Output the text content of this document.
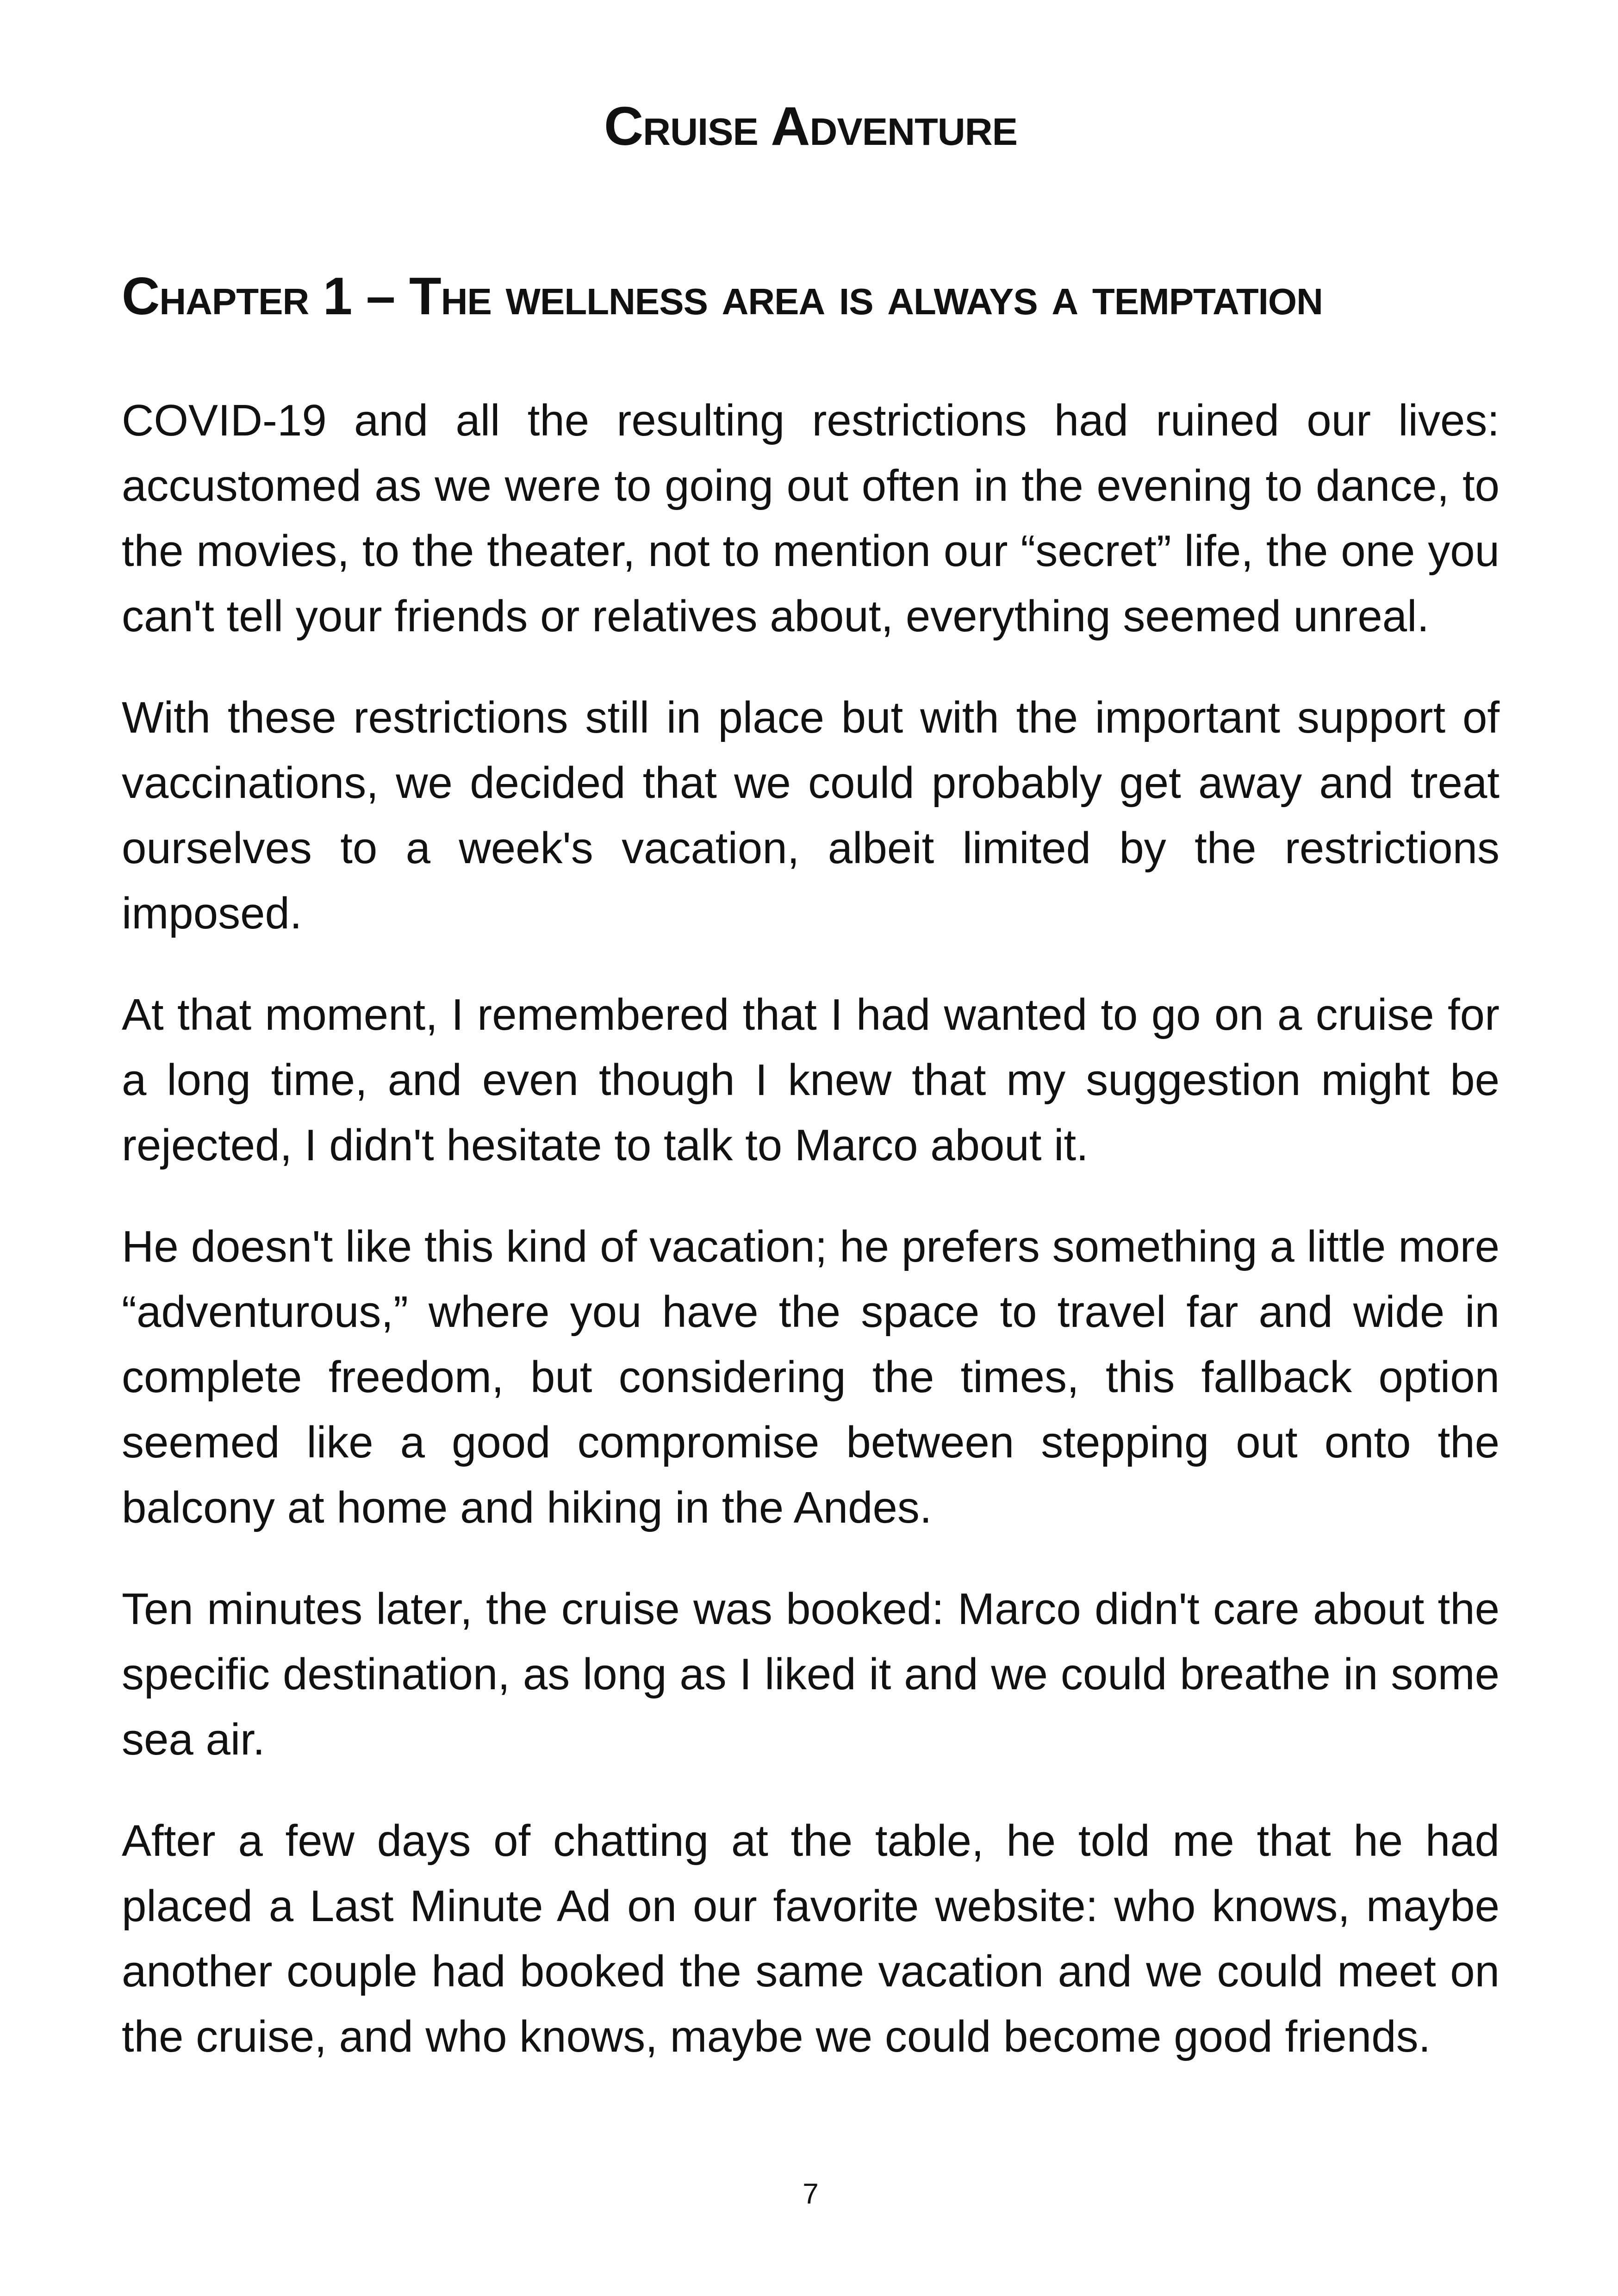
Cruise Adventure
Chapter 1 – The wellness area is always a temptation

COVID-19 and all the resulting restrictions had ruined our lives: accustomed as we were to going out often in the evening to dance, to the movies, to the theater, not to mention our “secret” life, the one you can't tell your friends or relatives about, everything seemed unreal.

With these restrictions still in place but with the important support of vaccinations, we decided that we could probably get away and treat ourselves to a week's vacation, albeit limited by the restrictions imposed.

At that moment, I remembered that I had wanted to go on a cruise for a long time, and even though I knew that my suggestion might be rejected, I didn't hesitate to talk to Marco about it.

He doesn't like this kind of vacation; he prefers something a little more “adventurous,” where you have the space to travel far and wide in complete freedom, but considering the times, this fallback option seemed like a good compromise between stepping out onto the balcony at home and hiking in the Andes.

Ten minutes later, the cruise was booked: Marco didn't care about the specific destination, as long as I liked it and we could breathe in some sea air.

After a few days of chatting at the table, he told me that he had placed a Last Minute Ad on our favorite website: who knows, maybe another couple had booked the same vacation and we could meet on the cruise, and who knows, maybe we could become good friends.

7
